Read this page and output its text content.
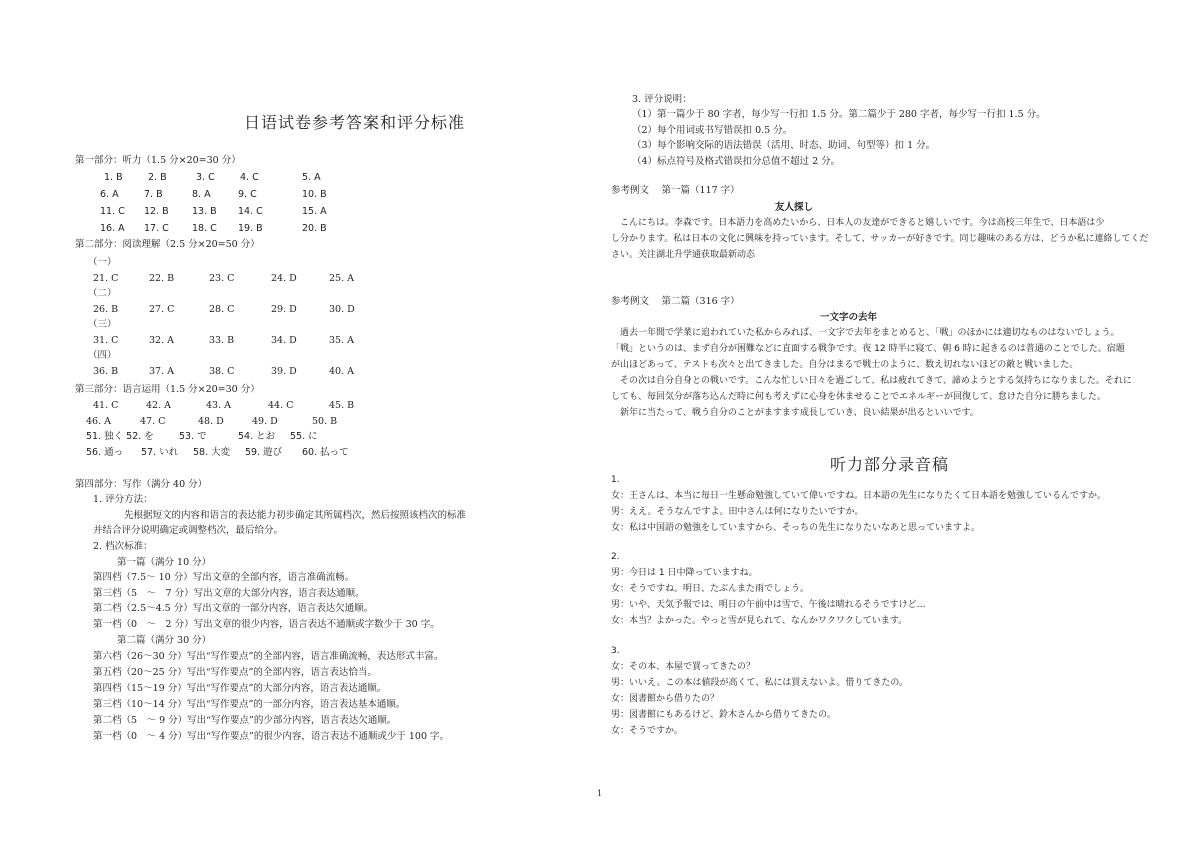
日语试卷参考答案和评分标准
第一部分：听力（1.5 分×20=30 分）
第二部分：阅读理解（2.5 分×20=50 分）
第三部分：语言运用（1.5 分×20=30 分）
第四部分：写作（满分 40 分）
1. 评分方法：
先根据短文的内容和语言的表达能力初步确定其所属档次，然后按照该档次的标准
并结合评分说明确定或调整档次，最后给分。
2. 档次标准：
第一篇（满分 10 分）
第二篇（满分 30 分）
3. 评分说明：
参考例文　 第一篇（117 字）
友人探し
参考例文　 第二篇（316 字）
一文字の去年
听力部分录音稿
1
1. B	2. B	3. C	4. C	5. A
6. A	7. B	8. A	9. C	10. B
11. C 12. B 13. B 14. C	15. A
16. A 17. C 18. C 19. B	20. B
（一）
21. C	22. B	23. C	24. D	25. A
（二）
26. B	27. C	28. C	29. D	30. D
（三）
31. C	32. A	33. B	34. D	35. A
（四）
36. B	37. A	38. C	39. D	40. A
41. C	42. A	43. A	44. C	45. B
46. A	47. C	48. D	49. D	50. B
51. 独く 52. を	53. で	54. とお 55. に
56. 通っ 57. いれ 58. 大変 59. 遊び 60. 払って
第四档（7.5～ 10 分）写出文章的全部内容，语言准确流畅。
第三档（5　～　7 分）写出文章的大部分内容，语言表达通顺。
第二档（2.5～4.5 分）写出文章的一部分内容，语言表达欠通顺。
第一档（0　～　2 分）写出文章的很少内容，语言表达不通顺或字数少于 30 字。
第六档（26～30 分）写出“写作要点”的全部内容，语言准确流畅，表达形式丰富。
第五档（20～25 分）写出“写作要点”的全部内容，语言表达恰当。
第四档（15～19 分）写出“写作要点”的大部分内容，语言表达通顺。
第三档（10～14 分）写出“写作要点”的一部分内容，语言表达基本通顺。
第二档（5　～ 9 分）写出“写作要点”的少部分内容，语言表达欠通顺。
第一档（0　～ 4 分）写出“写作要点”的很少内容，语言表达不通顺或少于 100 字。
（1）第一篇少于 80 字者，每少写一行扣 1.5 分。第二篇少于 280 字者，每少写一行扣 1.5 分。
（2）每个用词或书写错误扣 0.5 分。
（3）每个影响交际的语法错误（活用、时态、助词、句型等）扣 1 分。
（4）标点符号及格式错误扣分总值不超过 2 分。
　こんにちは。李森です。日本語力を高めたいから、日本人の友達ができると嬉しいです。今は高校三年生で、日本語は少
し分かります。私は日本の文化に興味を持っています。そして、サッカーが好きです。同じ趣味のある方は、どうか私に連絡してくだ
さい。关注湖北升学通获取最新动态
　過去一年間で学業に追われていた私からみれば、一文字で去年をまとめると、「戦」のほかには適切なものはないでしょう。
「戦」というのは、まず自分が困難などに直面する戦争です。夜 12 時半に寝て、朝 6 時に起きるのは普通のことでした。宿題
が山ほどあって、テストも次々と出てきました。自分はまるで戦士のように、数え切れないほどの敵と戦いました。
　その次は自分自身との戦いです。こんな忙しい日々を過ごして、私は疲れてきて、諦めようとする気持ちになりました。それに
しても、毎回気分が落ち込んだ時に何も考えずに心身を休ませることでエネルギーが回復して、怠けた自分に勝ちました。
　新年に当たって、戦う自分のことがますます成長していき、良い結果が出るといいです。
1.
女：王さんは、本当に毎日一生懸命勉強していて偉いですね。日本語の先生になりたくて日本語を勉強しているんですか。
男：ええ。そうなんですよ。田中さんは何になりたいですか。
女：私は中国語の勉強をしていますから、そっちの先生になりたいなあと思っていますよ。
2.
男：今日は 1 日中降っていますね。
女：そうですね。明日、たぶんまた雨でしょう。
男：いや、天気予報では、明日の午前中は雪で、午後は晴れるそうですけど…
女：本当？よかった。やっと雪が見られて、なんかワクワクしています。
3.
女：その本、本屋で買ってきたの？
男：いいえ。この本は値段が高くて、私には買えないよ。借りてきたの。
女：図書館から借りたの？
男：図書館にもあるけど、鈴木さんから借りてきたの。
女：そうですか。
